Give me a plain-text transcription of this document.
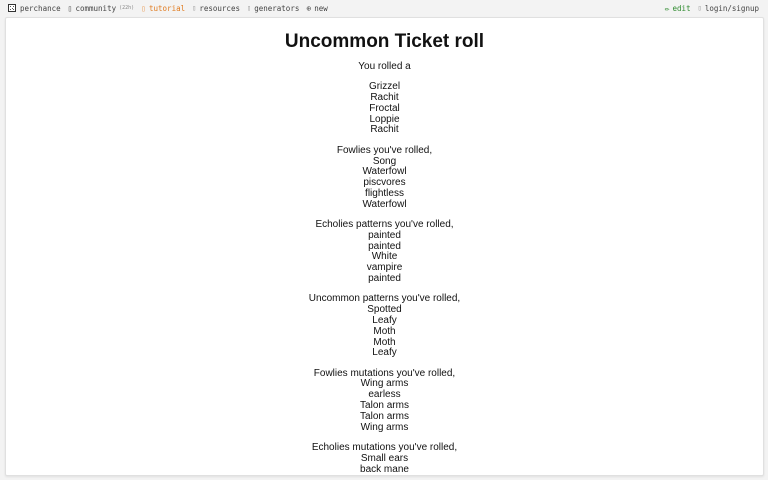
perchance ▯ community (22h) ▯ tutorial ▯ resources ▯ generators ⊕ new	✏ edit ▯ login/signup
Uncommon Ticket roll
You rolled a
Grizzel
Rachit
Froctal
Loppie
Rachit
Fowlies you've rolled,
Song
Waterfowl
piscvores
flightless
Waterfowl
Echolies patterns you've rolled,
painted
painted
White
vampire
painted
Uncommon patterns you've rolled,
Spotted
Leafy
Moth
Moth
Leafy
Fowlies mutations you've rolled,
Wing arms
earless
Talon arms
Talon arms
Wing arms
Echolies mutations you've rolled,
Small ears
back mane
